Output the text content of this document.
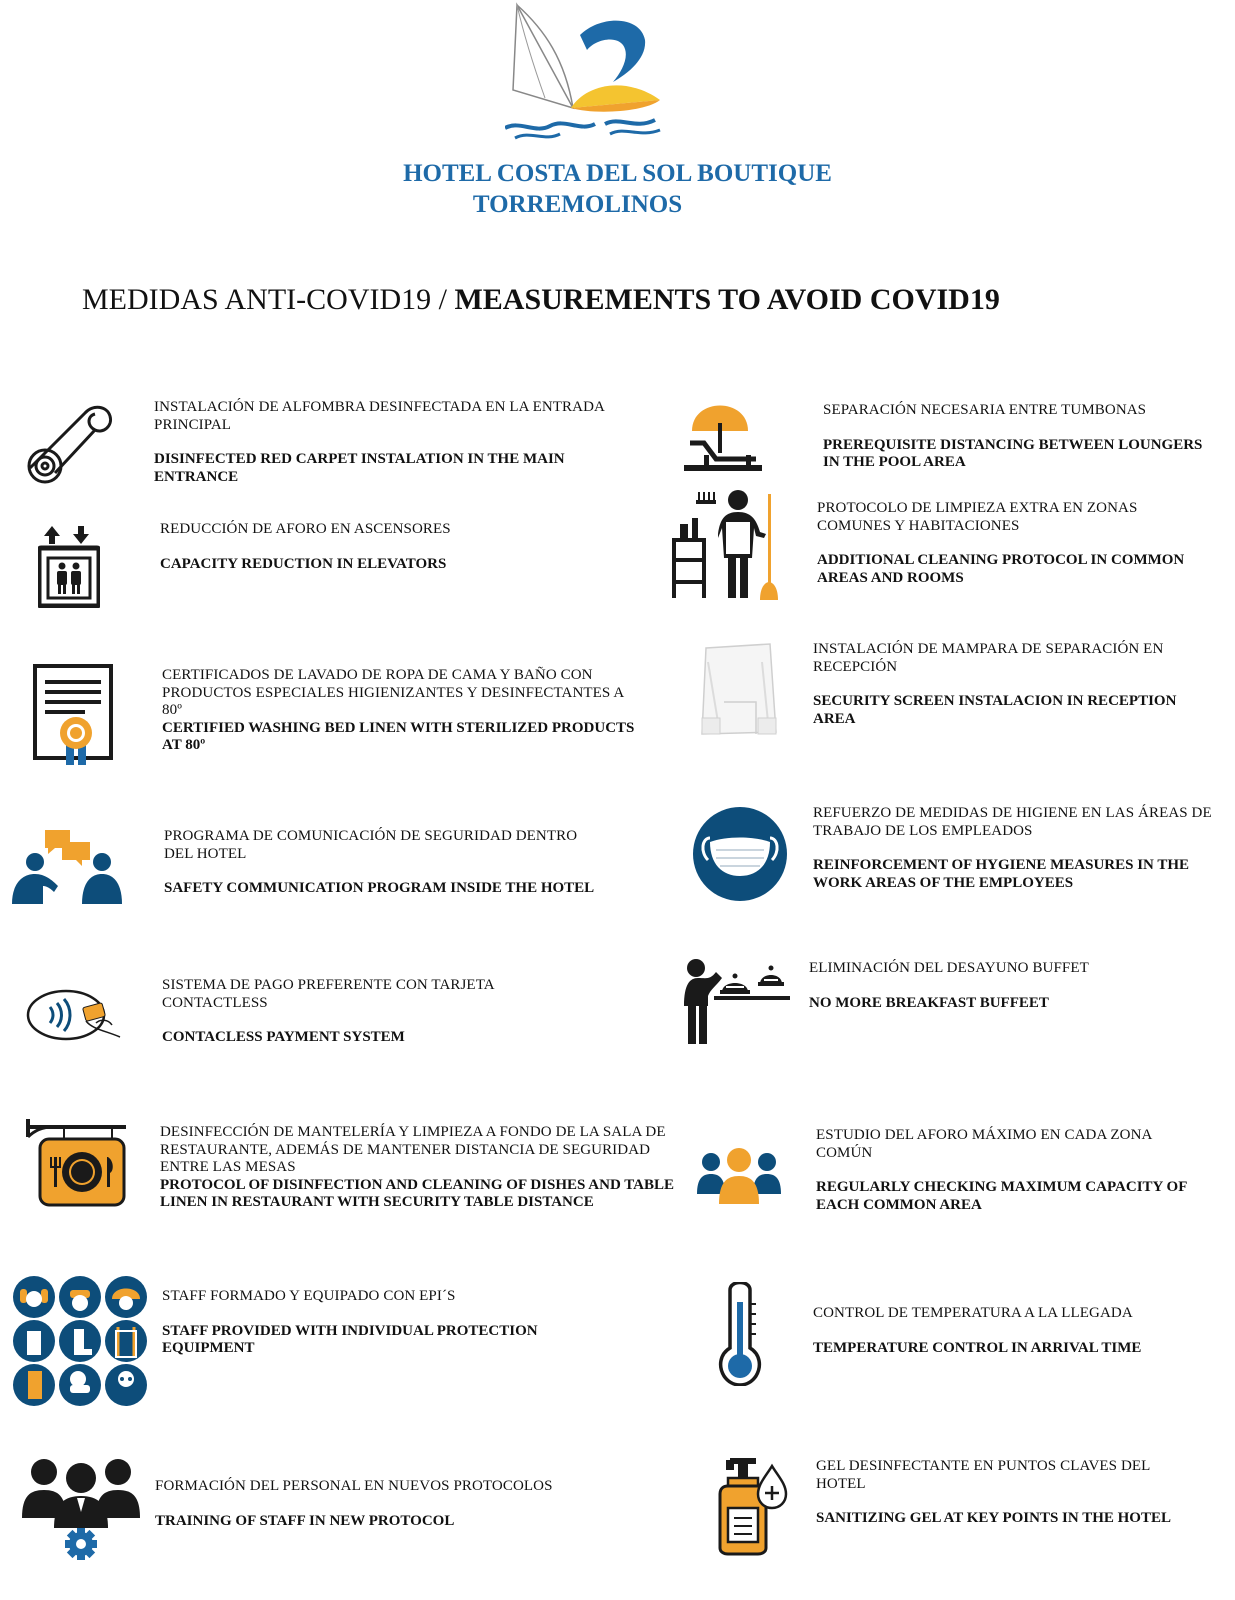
HOTEL COSTA DEL SOL BOUTIQUE
TORREMOLINOS
MEDIDAS ANTI-COVID19 / MEASUREMENTS TO AVOID COVID19
INSTALACIÓN DE ALFOMBRA DESINFECTADA EN LA ENTRADA PRINCIPAL
DISINFECTED RED CARPET INSTALATION IN THE MAIN ENTRANCE
REDUCCIÓN DE AFORO EN ASCENSORES
CAPACITY REDUCTION IN ELEVATORS
CERTIFICADOS DE LAVADO DE ROPA DE CAMA Y BAÑO CON PRODUCTOS ESPECIALES HIGIENIZANTES Y DESINFECTANTES A 80º
CERTIFIED WASHING BED LINEN WITH STERILIZED PRODUCTS AT 80º
PROGRAMA DE COMUNICACIÓN DE SEGURIDAD DENTRO DEL HOTEL
SAFETY COMMUNICATION PROGRAM INSIDE THE HOTEL
SISTEMA DE PAGO PREFERENTE CON TARJETA CONTACTLESS
CONTACLESS PAYMENT SYSTEM
DESINFECCIÓN DE MANTELERÍA Y LIMPIEZA A FONDO DE LA SALA DE RESTAURANTE, ADEMÁS DE MANTENER DISTANCIA DE SEGURIDAD ENTRE LAS MESAS
PROTOCOL OF DISINFECTION AND CLEANING OF DISHES AND TABLE LINEN IN RESTAURANT WITH SECURITY TABLE DISTANCE
STAFF FORMADO Y EQUIPADO CON EPI´S
STAFF PROVIDED WITH INDIVIDUAL PROTECTION EQUIPMENT
FORMACIÓN DEL PERSONAL EN NUEVOS PROTOCOLOS
TRAINING OF STAFF IN NEW PROTOCOL
SEPARACIÓN NECESARIA ENTRE TUMBONAS
PREREQUISITE DISTANCING BETWEEN LOUNGERS IN THE POOL AREA
PROTOCOLO DE LIMPIEZA EXTRA EN ZONAS COMUNES Y HABITACIONES
ADDITIONAL CLEANING PROTOCOL IN COMMON AREAS AND ROOMS
INSTALACIÓN DE MAMPARA DE SEPARACIÓN EN RECEPCIÓN
SECURITY SCREEN INSTALACION IN RECEPTION AREA
REFUERZO DE MEDIDAS DE HIGIENE EN LAS ÁREAS DE TRABAJO DE LOS EMPLEADOS
REINFORCEMENT OF HYGIENE MEASURES IN THE WORK AREAS OF THE EMPLOYEES
ELIMINACIÓN DEL DESAYUNO BUFFET
NO MORE BREAKFAST BUFFEET
ESTUDIO DEL AFORO MÁXIMO EN CADA ZONA COMÚN
REGULARLY CHECKING MAXIMUM CAPACITY OF EACH COMMON AREA
CONTROL DE TEMPERATURA A LA LLEGADA
TEMPERATURE CONTROL IN ARRIVAL TIME
GEL DESINFECTANTE EN PUNTOS CLAVES DEL HOTEL
SANITIZING GEL AT KEY POINTS IN THE HOTEL
